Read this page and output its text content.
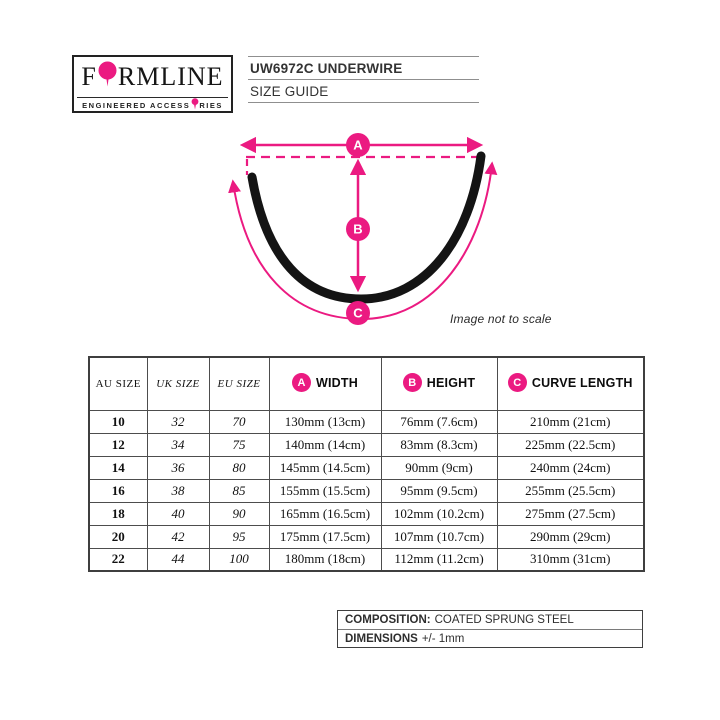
F RMLINE
ENGINEERED ACCESS RIES
UW6972C UNDERWIRE
SIZE GUIDE
A
B
C	Image not to scale
AU SIZE	UK SIZE	EU SIZE	A WIDTH	B HEIGHT	C CURVE LENGTH
10	32	70	130mm (13cm)	76mm (7.6cm)	210mm (21cm)
12	34	75	140mm (14cm)	83mm (8.3cm)	225mm (22.5cm)
14	36	80	145mm (14.5cm)	90mm (9cm)	240mm (24cm)
16	38	85	155mm (15.5cm)	95mm (9.5cm)	255mm (25.5cm)
18	40	90	165mm (16.5cm)	102mm (10.2cm)	275mm (27.5cm)
20	42	95	175mm (17.5cm)	107mm (10.7cm)	290mm (29cm)
22	44	100	180mm (18cm)	112mm (11.2cm)	310mm (31cm)
COMPOSITION: COATED SPRUNG STEEL
DIMENSIONS +/- 1mm
